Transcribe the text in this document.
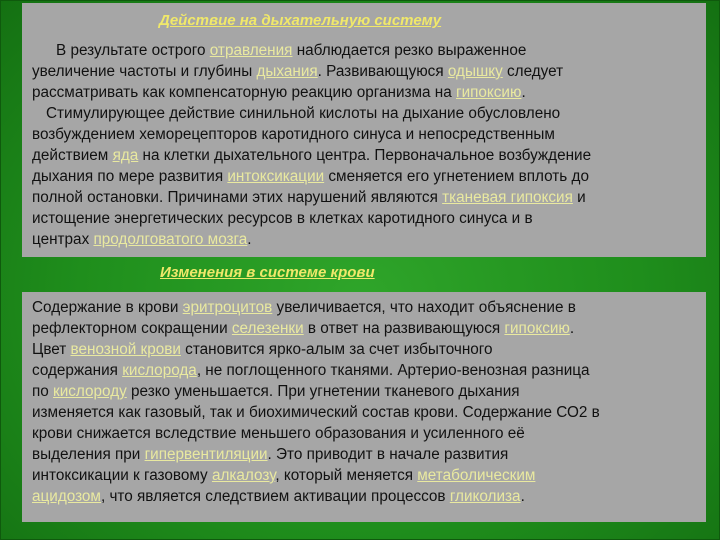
Действие на дыхательную систему

В результате острого отравления наблюдается резко выраженное
увеличение частоты и глубины дыхания. Развивающуюся одышку следует
рассматривать как компенсаторную реакцию организма на гипоксию.
Стимулирующее действие синильной кислоты на дыхание обусловлено
возбуждением хеморецепторов каротидного синуса и непосредственным
действием яда на клетки дыхательного центра. Первоначальное возбуждение
дыхания по мере развития интоксикации сменяется его угнетением вплоть до
полной остановки. Причинами этих нарушений являются тканевая гипоксия и
истощение энергетических ресурсов в клетках каротидного синуса и в
центрах продолговатого мозга.

Изменения в системе крови

Содержание в крови эритроцитов увеличивается, что находит объяснение в
рефлекторном сокращении селезенки в ответ на развивающуюся гипоксию.
Цвет венозной крови становится ярко-алым за счет избыточного
содержания кислорода, не поглощенного тканями. Артерио-венозная разница
по кислороду резко уменьшается. При угнетении тканевого дыхания
изменяется как газовый, так и биохимический состав крови. Содержание СО2 в
крови снижается вследствие меньшего образования и усиленного её
выделения при гипервентиляции. Это приводит в начале развития
интоксикации к газовому алкалозу, который меняется метаболическим
ацидозом, что является следствием активации процессов гликолиза.
